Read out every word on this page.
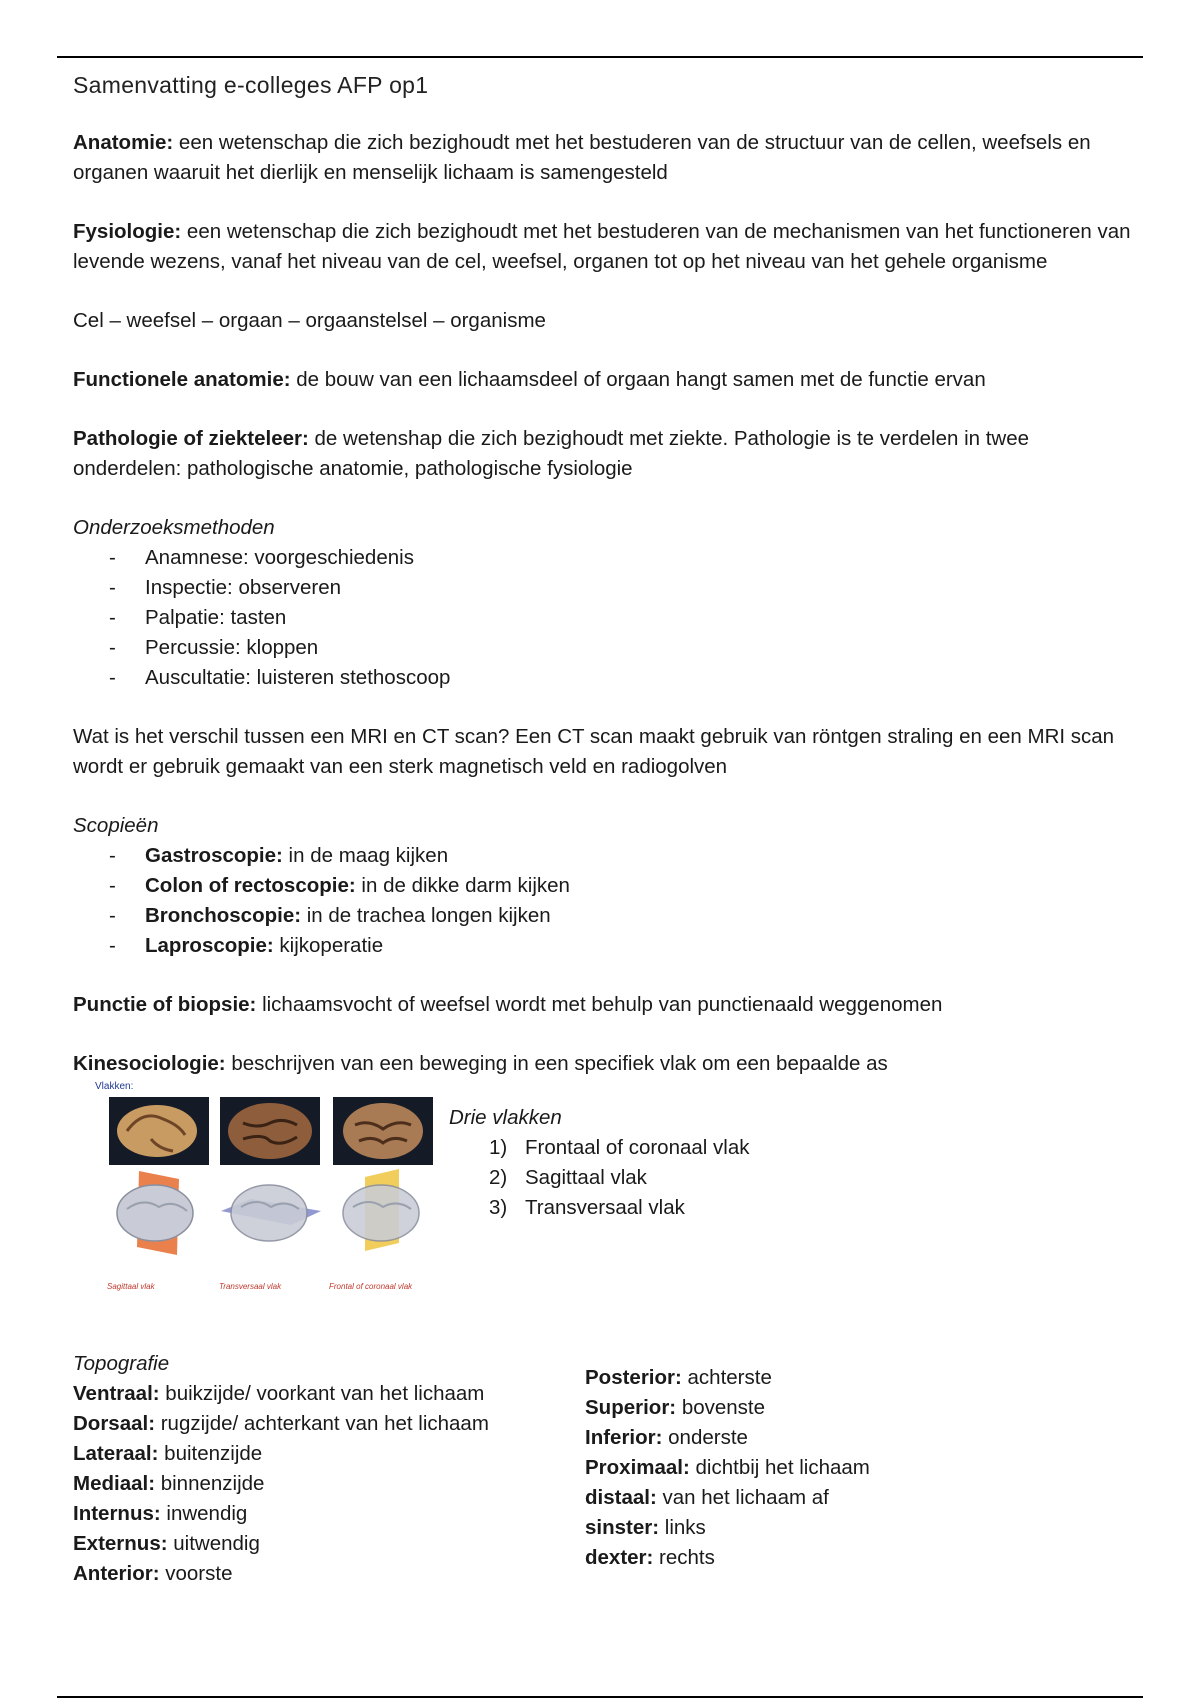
Samenvatting e-colleges AFP op1

Anatomie: een wetenschap die zich bezighoudt met het bestuderen van de structuur van de cellen, weefsels en organen waaruit het dierlijk en menselijk lichaam is samengesteld

Fysiologie: een wetenschap die zich bezighoudt met het bestuderen van de mechanismen van het functioneren van levende wezens, vanaf het niveau van de cel, weefsel, organen tot op het niveau van het gehele organisme

Cel – weefsel – orgaan – orgaanstelsel – organisme

Functionele anatomie: de bouw van een lichaamsdeel of orgaan hangt samen met de functie ervan

Pathologie of ziekteleer: de wetenshap die zich bezighoudt met ziekte. Pathologie is te verdelen in twee onderdelen: pathologische anatomie, pathologische fysiologie

Onderzoeksmethoden
- Anamnese: voorgeschiedenis
- Inspectie: observeren
- Palpatie: tasten
- Percussie: kloppen
- Auscultatie: luisteren stethoscoop

Wat is het verschil tussen een MRI en CT scan? Een CT scan maakt gebruik van röntgen straling en een MRI scan wordt er gebruik gemaakt van een sterk magnetisch veld en radiogolven

Scopieën
- Gastroscopie: in de maag kijken
- Colon of rectoscopie: in de dikke darm kijken
- Bronchoscopie: in de trachea longen kijken
- Laproscopie: kijkoperatie

Punctie of biopsie: lichaamsvocht of weefsel wordt met behulp van punctienaald weggenomen

Kinesociologie: beschrijven van een beweging in een specifiek vlak om een bepaalde as

Vlakken:
Sagittaal vlak	Transversaal vlak	Frontal of coronaal vlak
Drie vlakken
1) Frontaal of coronaal vlak
2) Sagittaal vlak
3) Transversaal vlak
Topografie
Ventraal: buikzijde/ voorkant van het lichaam
Dorsaal: rugzijde/ achterkant van het lichaam
Lateraal: buitenzijde
Mediaal: binnenzijde
Internus: inwendig
Externus: uitwendig
Anterior: voorste
Posterior: achterste
Superior: bovenste
Inferior: onderste
Proximaal: dichtbij het lichaam
distaal: van het lichaam af
sinster: links
dexter: rechts
